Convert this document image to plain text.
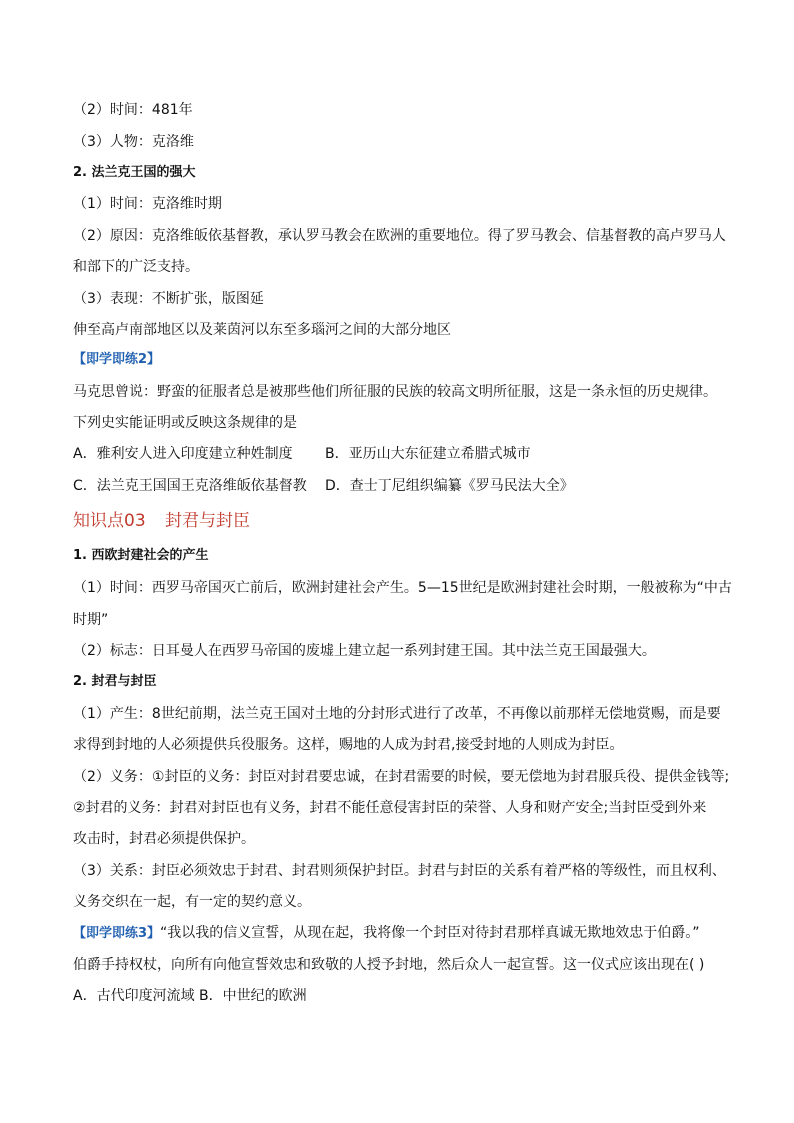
（2）时间：481年
（3）人物：克洛维
2. 法兰克王国的强大
（1）时间：克洛维时期
（2）原因：克洛维皈依基督教，承认罗马教会在欧洲的重要地位。得了罗马教会、信基督教的高卢罗马人
和部下的广泛支持。
（3）表现：不断扩张，版图延
伸至高卢南部地区以及莱茵河以东至多瑙河之间的大部分地区
【即学即练2】
马克思曾说：野蛮的征服者总是被那些他们所征服的民族的较高文明所征服，这是一条永恒的历史规律。
下列史实能证明或反映这条规律的是
A．雅利安人进入印度建立种姓制度 B．亚历山大东征建立希腊式城市
C．法兰克王国国王克洛维皈依基督教 D．查士丁尼组织编纂《罗马民法大全》
知识点03 封君与封臣
1. 西欧封建社会的产生
（1）时间：西罗马帝国灭亡前后，欧洲封建社会产生。5—15世纪是欧洲封建社会时期，一般被称为“中古
时期”
（2）标志：日耳曼人在西罗马帝国的废墟上建立起一系列封建王国。其中法兰克王国最强大。
2. 封君与封臣
（1）产生：8世纪前期，法兰克王国对土地的分封形式进行了改革，不再像以前那样无偿地赏赐，而是要
求得到封地的人必须提供兵役服务。这样，赐地的人成为封君,接受封地的人则成为封臣。
（2）义务：①封臣的义务：封臣对封君要忠诚，在封君需要的时候，要无偿地为封君服兵役、提供金钱等;
②封君的义务：封君对封臣也有义务，封君不能任意侵害封臣的荣誉、人身和财产安全;当封臣受到外来
攻击时，封君必须提供保护。
（3）关系：封臣必须效忠于封君、封君则须保护封臣。封君与封臣的关系有着严格的等级性，而且权利、
义务交织在一起，有一定的契约意义。
【即学即练3】“我以我的信义宣誓，从现在起，我将像一个封臣对待封君那样真诚无欺地效忠于伯爵。”
伯爵手持权杖，向所有向他宣誓效忠和致敬的人授予封地，然后众人一起宣誓。这一仪式应该出现在( )
A．古代印度河流域 B．中世纪的欧洲
